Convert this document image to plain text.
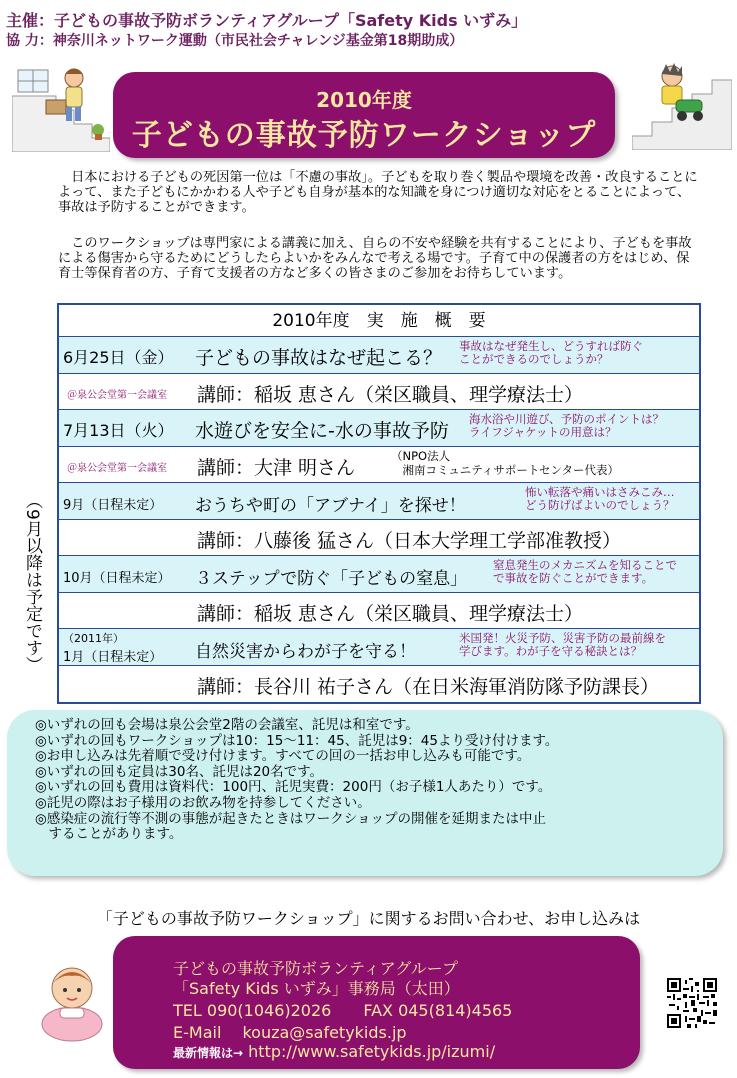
主催：子どもの事故予防ボランティアグループ「Safety Kids いずみ」
協 力：神奈川ネットワーク運動（市民社会チャレンジ基金第18期助成）
2010年度
子どもの事故予防ワークショップ
　日本における子どもの死因第一位は「不慮の事故」。子どもを取り巻く製品や環境を改善・改良することによって、また子どもにかかわる人や子ども自身が基本的な知識を身につけ適切な対応をとることによって、事故は予防することができます。
　このワークショップは専門家による講義に加え、自らの不安や経験を共有することにより、子どもを事故による傷害から守るためにどうしたらよいかをみんなで考える場です。子育て中の保護者の方をはじめ、保育士等保育者の方、子育て支援者の方など多くの皆さまのご参加をお待ちしています。
（9月以降は予定です）
2010年度　実　施　概　要
6月25日（金） 子どもの事故はなぜ起こる？
事故はなぜ発生し、どうすれば防ぐ
ことができるのでしょうか？
＠泉公会堂第一会議室 講師：稲坂 恵さん（栄区職員、理学療法士）
7月13日（火） 水遊びを安全に-水の事故予防
海水浴や川遊び、予防のポイントは？
ライフジャケットの用意は？
＠泉公会堂第一会議室 講師：大津 明さん
（NPO法人
　湘南コミュニティサポートセンター代表）
9月（日程未定） おうちや町の「アブナイ」を探せ！
怖い転落や痛いはさみこみ…
どう防げばよいのでしょう？
講師：八藤後 猛さん（日本大学理工学部准教授）
10月（日程未定） ３ステップで防ぐ「子どもの窒息」
窒息発生のメカニズムを知ることで
で事故を防ぐことができます。
講師：稲坂 恵さん（栄区職員、理学療法士）
（2011年）
1月（日程未定） 自然災害からわが子を守る！
米国発！火災予防、災害予防の最前線を
学びます。わが子を守る秘訣とは？
講師：長谷川 祐子さん（在日米海軍消防隊予防課長）
◎いずれの回も会場は泉公会堂2階の会議室、託児は和室です。
◎いずれの回もワークショップは10：15～11：45、託児は9：45より受け付けます。
◎お申し込みは先着順で受け付けます。すべての回の一括お申し込みも可能です。
◎いずれの回も定員は30名、託児は20名です。
◎いずれの回も費用は資料代：100円、託児実費：200円（お子様1人あたり）です。
◎託児の際はお子様用のお飲み物を持参してください。
◎感染症の流行等不測の事態が起きたときはワークショップの開催を延期または中止
　することがあります。
「子どもの事故予防ワークショップ」に関するお問い合わせ、お申し込みは
子どもの事故予防ボランティアグループ
「Safety Kids いずみ」事務局（太田）
TEL 090(1046)2026　　FAX 045(814)4565
E-Mail　 kouza@safetykids.jp
最新情報は→ http://www.safetykids.jp/izumi/
